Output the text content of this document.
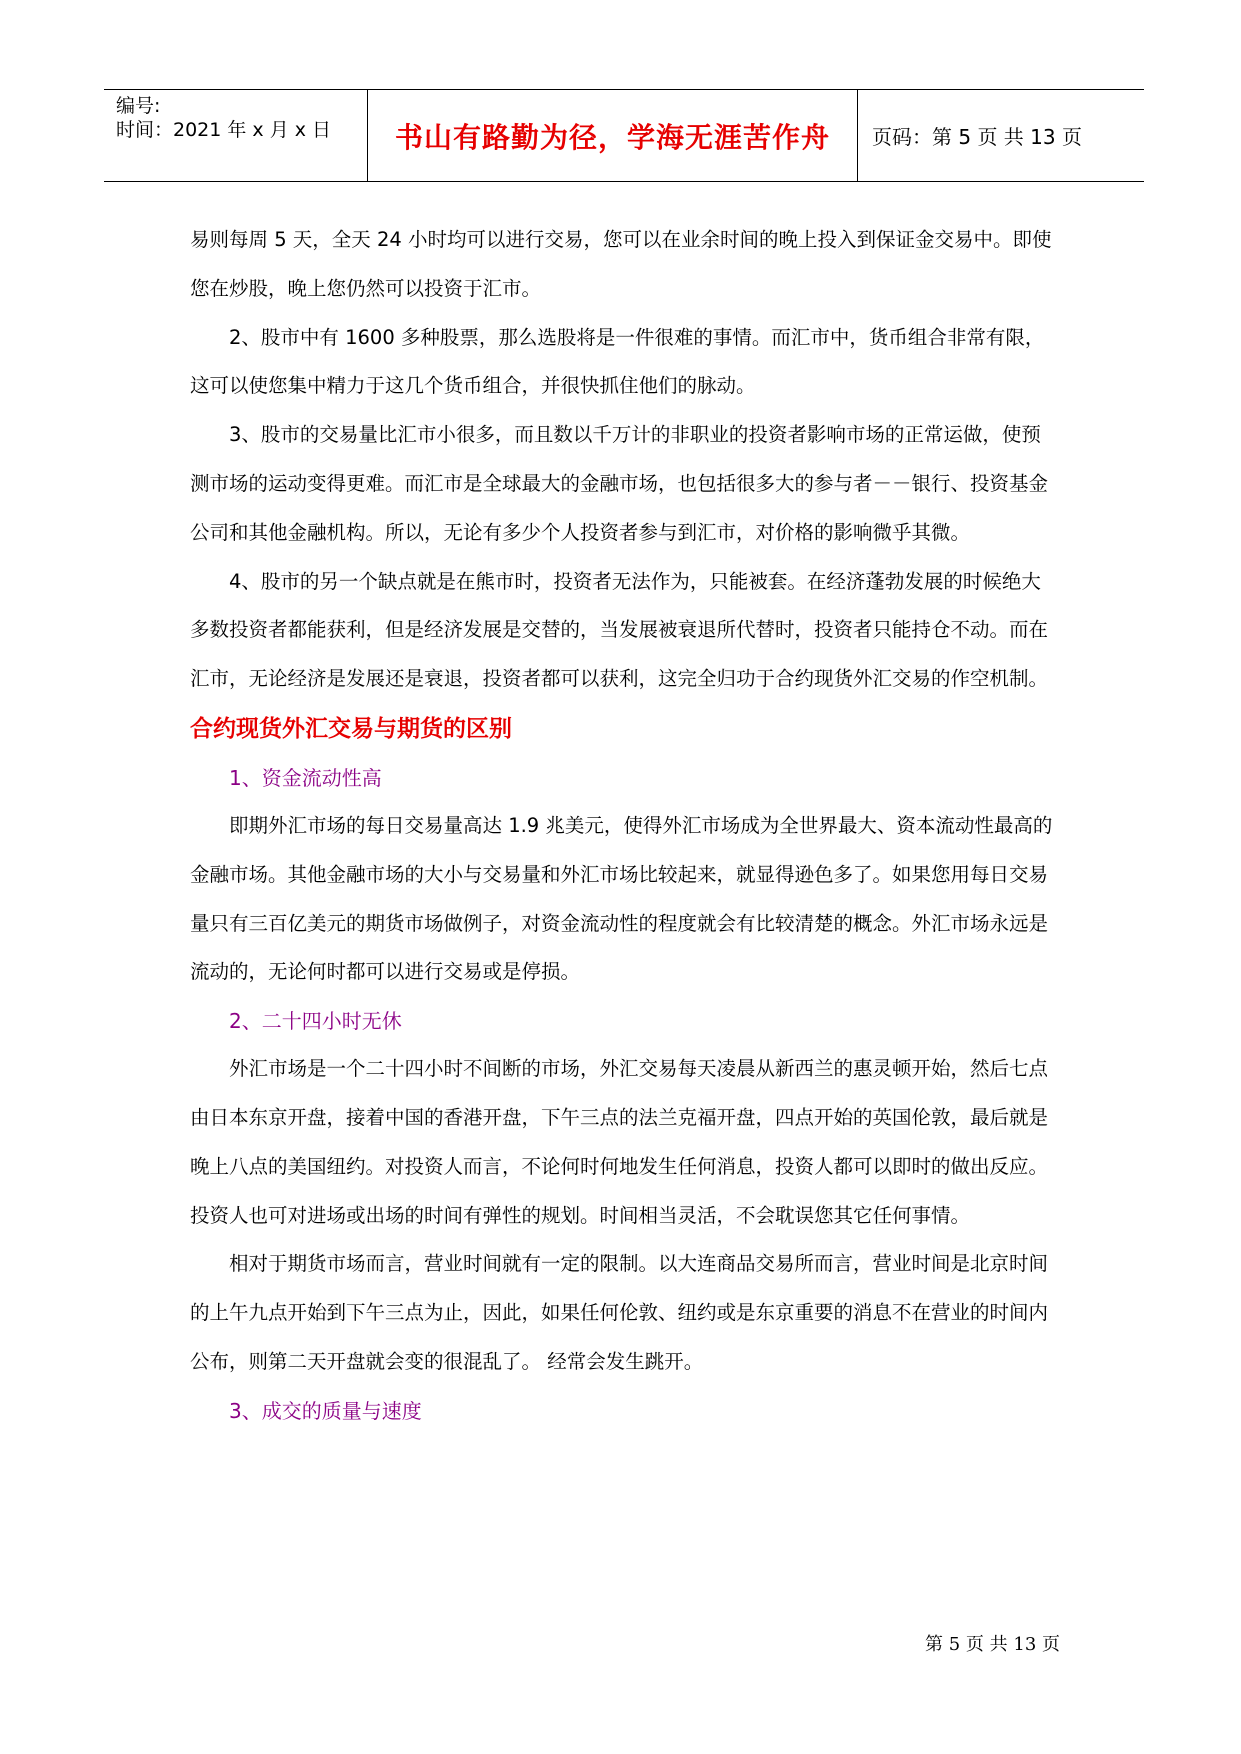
编号:
时间：2021 年 x 月 x 日	书山有路勤为径，学海无涯苦作舟	页码：第 5 页 共 13 页

易则每周 5 天，全天 24 小时均可以进行交易，您可以在业余时间的晚上投入到保证金交易中。即使您在炒股，晚上您仍然可以投资于汇市。

2、股市中有 1600 多种股票，那么选股将是一件很难的事情。而汇市中，货币组合非常有限，这可以使您集中精力于这几个货币组合，并很快抓住他们的脉动。

3、股市的交易量比汇市小很多，而且数以千万计的非职业的投资者影响市场的正常运做，使预测市场的运动变得更难。而汇市是全球最大的金融市场，也包括很多大的参与者－－银行、投资基金公司和其他金融机构。所以，无论有多少个人投资者参与到汇市，对价格的影响微乎其微。

4、股市的另一个缺点就是在熊市时，投资者无法作为，只能被套。在经济蓬勃发展的时候绝大多数投资者都能获利，但是经济发展是交替的，当发展被衰退所代替时，投资者只能持仓不动。而在汇市，无论经济是发展还是衰退，投资者都可以获利，这完全归功于合约现货外汇交易的作空机制。

合约现货外汇交易与期货的区别

1、资金流动性高

即期外汇市场的每日交易量高达 1.9 兆美元，使得外汇市场成为全世界最大、资本流动性最高的金融市场。其他金融市场的大小与交易量和外汇市场比较起来，就显得逊色多了。如果您用每日交易量只有三百亿美元的期货市场做例子，对资金流动性的程度就会有比较清楚的概念。外汇市场永远是流动的，无论何时都可以进行交易或是停损。

2、二十四小时无休

外汇市场是一个二十四小时不间断的市场，外汇交易每天凌晨从新西兰的惠灵顿开始，然后七点由日本东京开盘，接着中国的香港开盘，下午三点的法兰克福开盘，四点开始的英国伦敦，最后就是晚上八点的美国纽约。对投资人而言，不论何时何地发生任何消息，投资人都可以即时的做出反应。投资人也可对进场或出场的时间有弹性的规划。时间相当灵活，不会耽误您其它任何事情。

相对于期货市场而言，营业时间就有一定的限制。以大连商品交易所而言，营业时间是北京时间的上午九点开始到下午三点为止，因此，如果任何伦敦、纽约或是东京重要的消息不在营业的时间内公布，则第二天开盘就会变的很混乱了。 经常会发生跳开。

3、成交的质量与速度

第 5 页 共 13 页
